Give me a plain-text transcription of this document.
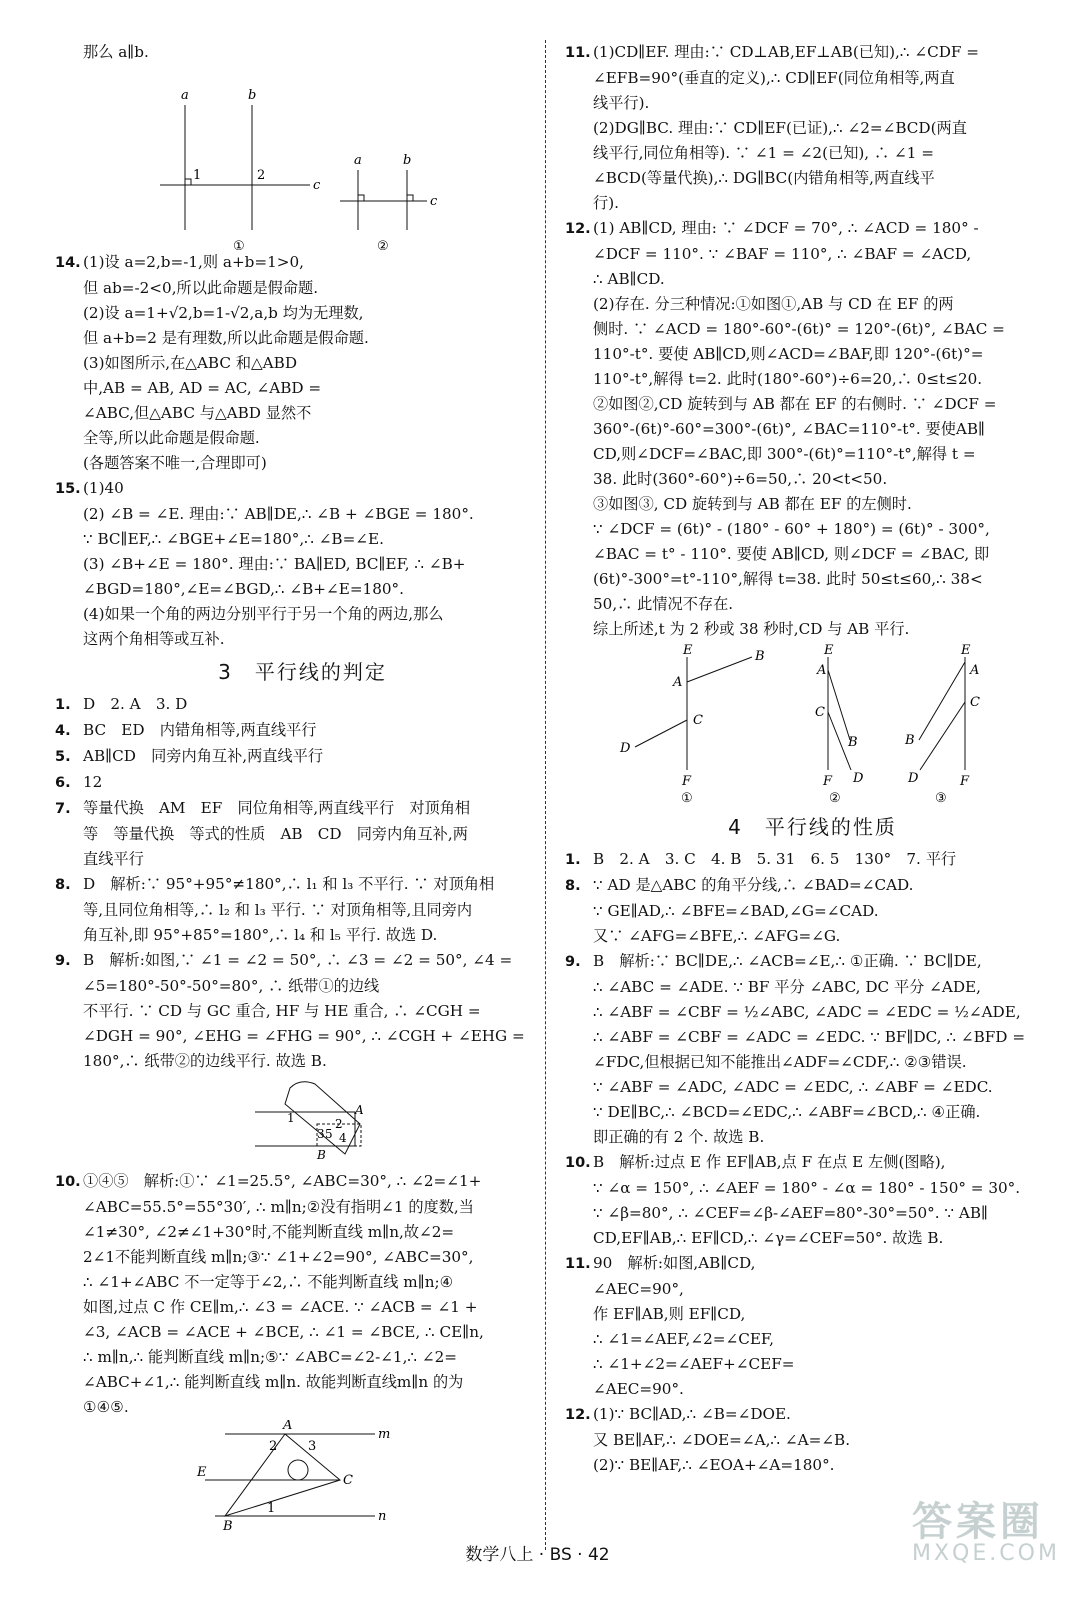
那么 a∥b.
a	b
c
1	2
a	b
c
①	②
14. (1)设 a=2,b=-1,则 a+b=1>0,
但 ab=-2<0,所以此命题是假命题.
(2)设 a=1+√2,b=1-√2,a,b 均为无理数,
但 a+b=2 是有理数,所以此命题是假命题.
(3)如图所示,在△ABC 和△ABD
中,AB = AB, AD = AC, ∠ABD =
∠ABC,但△ABC 与△ABD 显然不
全等,所以此命题是假命题.
(各题答案不唯一,合理即可)
15. (1)40
(2) ∠B = ∠E. 理由:∵ AB∥DE,∴ ∠B + ∠BGE = 180°.
∵ BC∥EF,∴ ∠BGE+∠E=180°,∴ ∠B=∠E.
(3) ∠B+∠E = 180°. 理由:∵ BA∥ED, BC∥EF, ∴ ∠B+
∠BGD=180°,∠E=∠BGD,∴ ∠B+∠E=180°.
(4)如果一个角的两边分别平行于另一个角的两边,那么
这两个角相等或互补.
3　平行线的判定
1. D　2. A　3. D
4. BC　ED　内错角相等,两直线平行
5. AB∥CD　同旁内角互补,两直线平行
6. 12
7. 等量代换　AM　EF　同位角相等,两直线平行　对顶角相
等　等量代换　等式的性质　AB　CD　同旁内角互补,两
直线平行
8. D　解析:∵ 95°+95°≠180°,∴ l₁ 和 l₃ 不平行. ∵ 对顶角相
等,且同位角相等,∴ l₂ 和 l₃ 平行. ∵ 对顶角相等,且同旁内
角互补,即 95°+85°=180°,∴ l₄ 和 l₅ 平行. 故选 D.
9. B　解析:如图,∵ ∠1 = ∠2 = 50°, ∴ ∠3 = ∠2 = 50°, ∠4 =
∠5=180°-50°-50°=80°, ∴ 纸带①的边线
不平行. ∵ CD 与 GC 重合, HF 与 HE 重合, ∴ ∠CGH =
∠DGH = 90°, ∠EHG = ∠FHG = 90°, ∴ ∠CGH + ∠EHG =
180°,∴ 纸带②的边线平行. 故选 B.
1
3 5
2
4
A
B
10. ①④⑤　解析:①∵ ∠1=25.5°, ∠ABC=30°, ∴ ∠2=∠1+
∠ABC=55.5°=55°30′, ∴ m∥n;②没有指明∠1 的度数,当
∠1≠30°, ∠2≠∠1+30°时,不能判断直线 m∥n,故∠2=
2∠1不能判断直线 m∥n;③∵ ∠1+∠2=90°, ∠ABC=30°,
∴ ∠1+∠ABC 不一定等于∠2,∴ 不能判断直线 m∥n;④
如图,过点 C 作 CE∥m,∴ ∠3 = ∠ACE. ∵ ∠ACB = ∠1 +
∠3, ∠ACB = ∠ACE + ∠BCE, ∴ ∠1 = ∠BCE, ∴ CE∥n,
∴ m∥n,∴ 能判断直线 m∥n;⑤∵ ∠ABC=∠2-∠1,∴ ∠2=
∠ABC+∠1,∴ 能判断直线 m∥n. 故能判断直线m∥n 的为
①④⑤.
A
m
n
B
C
E
2 3
1
11. (1)CD∥EF. 理由:∵ CD⊥AB,EF⊥AB(已知),∴ ∠CDF =
∠EFB=90°(垂直的定义),∴ CD∥EF(同位角相等,两直
线平行).
(2)DG∥BC. 理由:∵ CD∥EF(已证),∴ ∠2=∠BCD(两直
线平行,同位角相等). ∵ ∠1 = ∠2(已知), ∴ ∠1 =
∠BCD(等量代换),∴ DG∥BC(内错角相等,两直线平
行).
12. (1) AB∥CD, 理由: ∵ ∠DCF = 70°, ∴ ∠ACD = 180° -
∠DCF = 110°. ∵ ∠BAF = 110°, ∴ ∠BAF = ∠ACD,
∴ AB∥CD.
(2)存在. 分三种情况:①如图①,AB 与 CD 在 EF 的两
侧时. ∵ ∠ACD = 180°-60°-(6t)° = 120°-(6t)°, ∠BAC =
110°-t°. 要使 AB∥CD,则∠ACD=∠BAF,即 120°-(6t)°=
110°-t°,解得 t=2. 此时(180°-60°)÷6=20,∴ 0≤t≤20.
②如图②,CD 旋转到与 AB 都在 EF 的右侧时. ∵ ∠DCF =
360°-(6t)°-60°=300°-(6t)°, ∠BAC=110°-t°. 要使AB∥
CD,则∠DCF=∠BAC,即 300°-(6t)°=110°-t°,解得 t =
38. 此时(360°-60°)÷6=50,∴ 20<t<50.
③如图③, CD 旋转到与 AB 都在 EF 的左侧时.
∵ ∠DCF = (6t)° - (180° - 60° + 180°) = (6t)° - 300°,
∠BAC = t° - 110°. 要使 AB∥CD, 则∠DCF = ∠BAC, 即
(6t)°-300°=t°-110°,解得 t=38. 此时 50≤t≤60,∴ 38<
50,∴ 此情况不存在.
综上所述,t 为 2 秒或 38 秒时,CD 与 AB 平行.
E	B
A
C
D
F
①
E
A
C
B
D
F
②
E
A
C
B
D	F
③
4　平行线的性质
1. B　2. A　3. C　4. B　5. 31　6. 5　130°　7. 平行
8. ∵ AD 是△ABC 的角平分线,∴ ∠BAD=∠CAD.
∵ GE∥AD,∴ ∠BFE=∠BAD,∠G=∠CAD.
又∵ ∠AFG=∠BFE,∴ ∠AFG=∠G.
9. B　解析:∵ BC∥DE,∴ ∠ACB=∠E,∴ ①正确. ∵ BC∥DE,
∴ ∠ABC = ∠ADE. ∵ BF 平分 ∠ABC, DC 平分 ∠ADE,
∴ ∠ABF = ∠CBF = ½∠ABC, ∠ADC = ∠EDC = ½∠ADE,
∴ ∠ABF = ∠CBF = ∠ADC = ∠EDC. ∵ BF∥DC, ∴ ∠BFD =
∠FDC,但根据已知不能推出∠ADF=∠CDF,∴ ②③错误.
∵ ∠ABF = ∠ADC, ∠ADC = ∠EDC, ∴ ∠ABF = ∠EDC.
∵ DE∥BC,∴ ∠BCD=∠EDC,∴ ∠ABF=∠BCD,∴ ④正确.
即正确的有 2 个. 故选 B.
10. B　解析:过点 E 作 EF∥AB,点 F 在点 E 左侧(图略),
∵ ∠α = 150°, ∴ ∠AEF = 180° - ∠α = 180° - 150° = 30°.
∵ ∠β=80°, ∴ ∠CEF=∠β-∠AEF=80°-30°=50°. ∵ AB∥
CD,EF∥AB,∴ EF∥CD,∴ ∠γ=∠CEF=50°. 故选 B.
11. 90　解析:如图,AB∥CD,
∠AEC=90°,
作 EF∥AB,则 EF∥CD,
∴ ∠1=∠AEF,∠2=∠CEF,
∴ ∠1+∠2=∠AEF+∠CEF=
∠AEC=90°.
12. (1)∵ BC∥AD,∴ ∠B=∠DOE.
又 BE∥AF,∴ ∠DOE=∠A,∴ ∠A=∠B.
(2)∵ BE∥AF,∴ ∠EOA+∠A=180°.
数学八上 · BS · 42
答案圈
MXQE.COM
